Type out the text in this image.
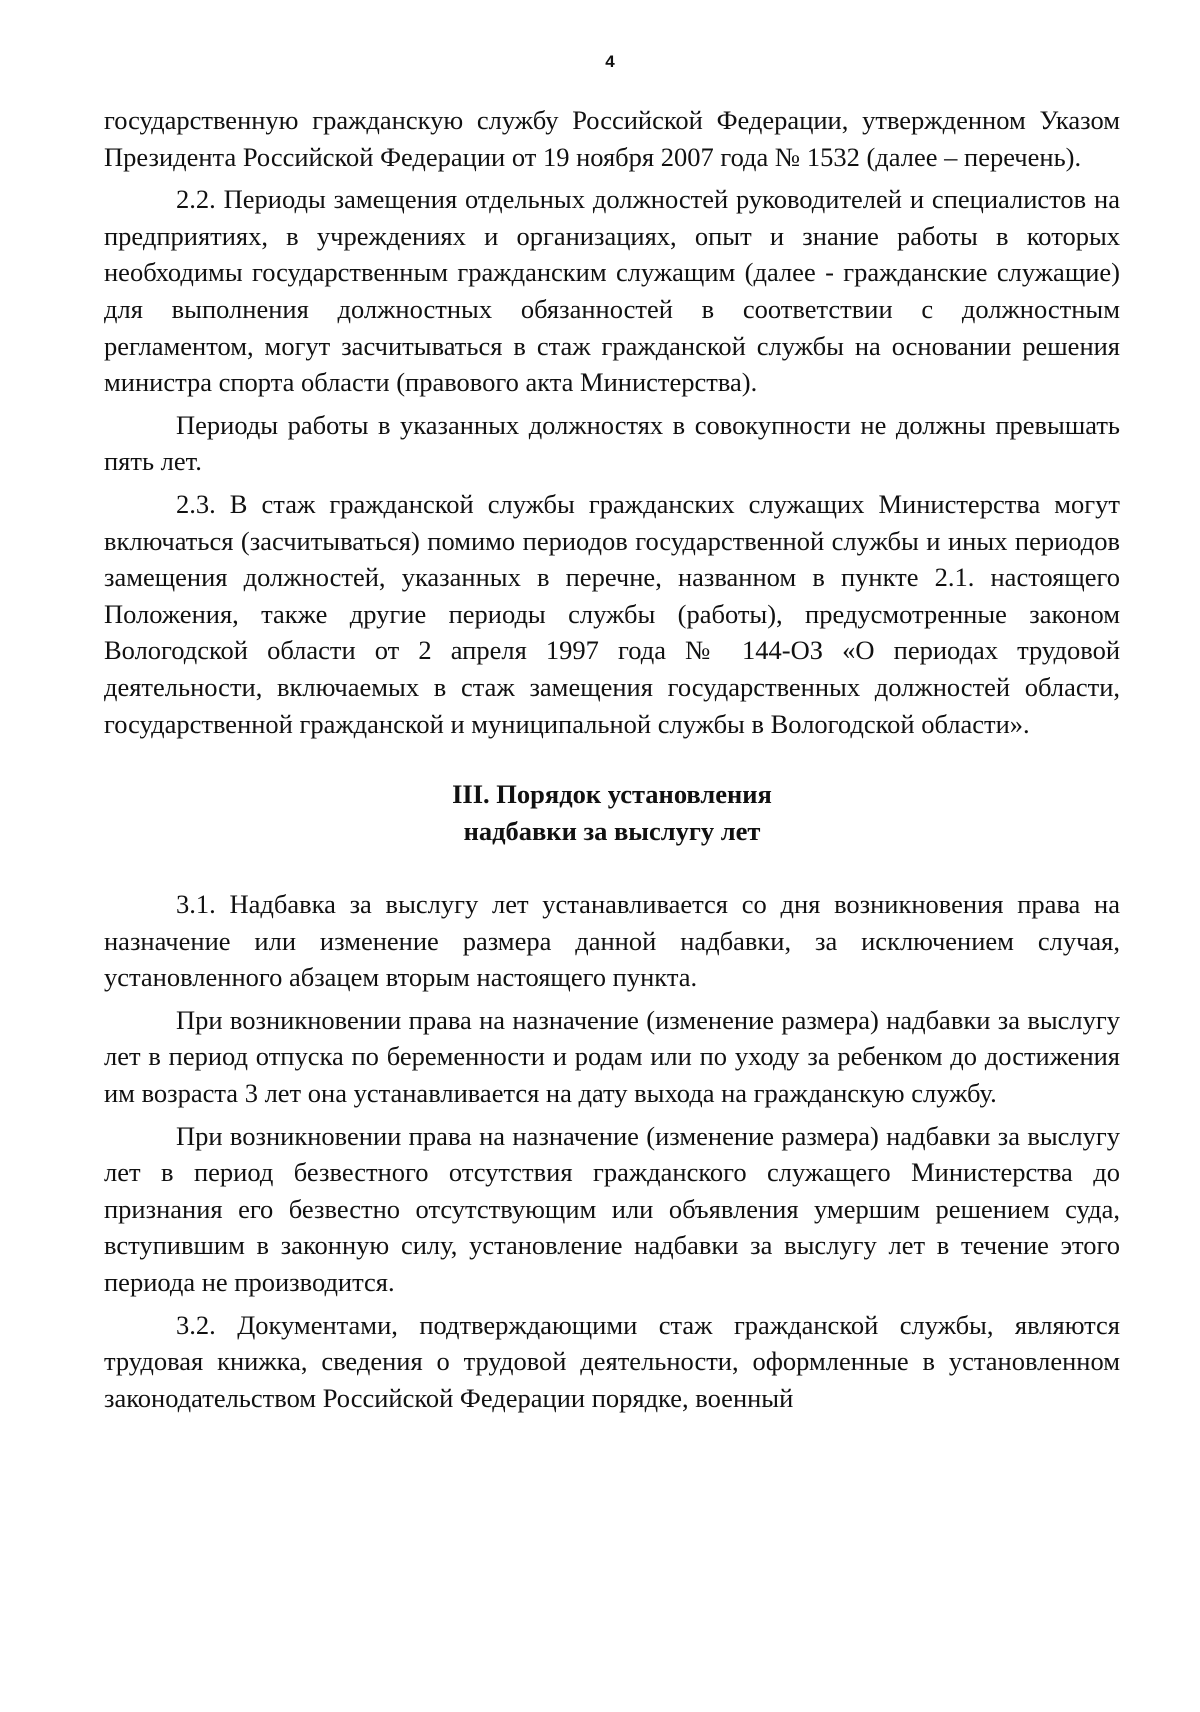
4

государственную гражданскую службу Российской Федерации, утвержденном Указом Президента Российской Федерации от 19 ноября 2007 года № 1532 (далее – перечень).

2.2. Периоды замещения отдельных должностей руководителей и специалистов на предприятиях, в учреждениях и организациях, опыт и знание работы в которых необходимы государственным гражданским служащим (далее - гражданские служащие) для выполнения должностных обязанностей в соответствии с должностным регламентом, могут засчитываться в стаж гражданской службы на основании решения министра спорта области (правового акта Министерства).

Периоды работы в указанных должностях в совокупности не должны превышать пять лет.

2.3. В стаж гражданской службы гражданских служащих Министерства могут включаться (засчитываться) помимо периодов государственной службы и иных периодов замещения должностей, указанных в перечне, названном в пункте 2.1. настоящего Положения, также другие периоды службы (работы), предусмотренные законом Вологодской области от 2 апреля 1997 года № 144-ОЗ «О периодах трудовой деятельности, включаемых в стаж замещения государственных должностей области, государственной гражданской и муниципальной службы в Вологодской области».

III. Порядок установления
надбавки за выслугу лет

3.1. Надбавка за выслугу лет устанавливается со дня возникновения права на назначение или изменение размера данной надбавки, за исключением случая, установленного абзацем вторым настоящего пункта.

При возникновении права на назначение (изменение размера) надбавки за выслугу лет в период отпуска по беременности и родам или по уходу за ребенком до достижения им возраста 3 лет она устанавливается на дату выхода на гражданскую службу.

При возникновении права на назначение (изменение размера) надбавки за выслугу лет в период безвестного отсутствия гражданского служащего Министерства до признания его безвестно отсутствующим или объявления умершим решением суда, вступившим в законную силу, установление надбавки за выслугу лет в течение этого периода не производится.

3.2. Документами, подтверждающими стаж гражданской службы, являются трудовая книжка, сведения о трудовой деятельности, оформленные в установленном законодательством Российской Федерации порядке, военный
